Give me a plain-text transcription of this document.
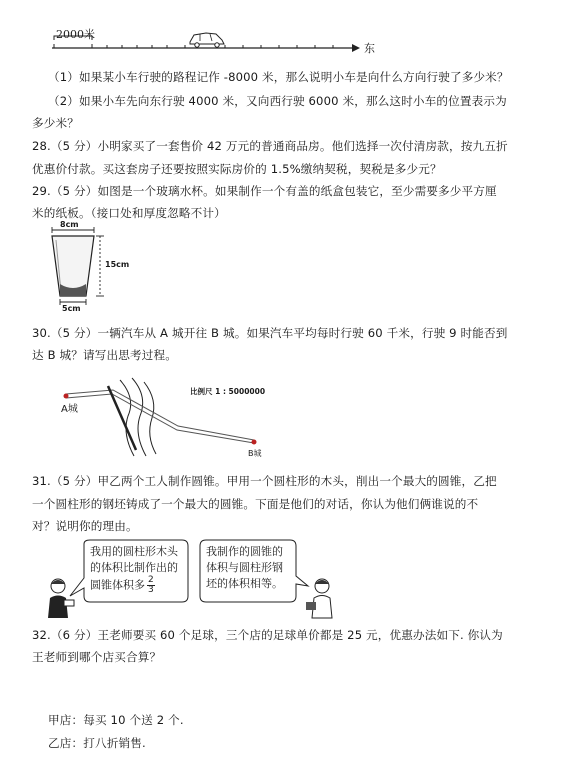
2000米
东
（1）如果某小车行驶的路程记作 -8000 米，那么说明小车是向什么方向行驶了多少米？
（2）如果小车先向东行驶 4000 米，又向西行驶 6000 米，那么这时小车的位置表示为
多少米？
28.（5 分）小明家买了一套售价 42 万元的普通商品房。他们选择一次付清房款，按九五折
优惠价付款。买这套房子还要按照实际房价的 1.5%缴纳契税，契税是多少元？
29.（5 分）如图是一个玻璃水杯。如果制作一个有盖的纸盒包装它，至少需要多少平方厘
米的纸板。（接口处和厚度忽略不计）
8cm
15cm
5cm
30.（5 分）一辆汽车从 A 城开往 B 城。如果汽车平均每时行驶 60 千米，行驶 9 时能否到
达 B 城？请写出思考过程。
A城
B城
比例尺 1 : 5000000
31.（5 分）甲乙两个工人制作圆锥。甲用一个圆柱形的木头，削出一个最大的圆锥，乙把
一个圆柱形的钢坯铸成了一个最大的圆锥。下面是他们的对话，你认为他们俩谁说的不
对？说明你的理由。
我用的圆柱形木头
的体积比制作出的
圆锥体积多 $\frac{2}{3}$
我制作的圆锥的
体积与圆柱形钢
坯的体积相等。
32.（6 分）王老师要买 60 个足球，三个店的足球单价都是 25 元，优惠办法如下. 你认为
王老师到哪个店买合算？
甲店：每买 10 个送 2 个.
乙店：打八折销售.
